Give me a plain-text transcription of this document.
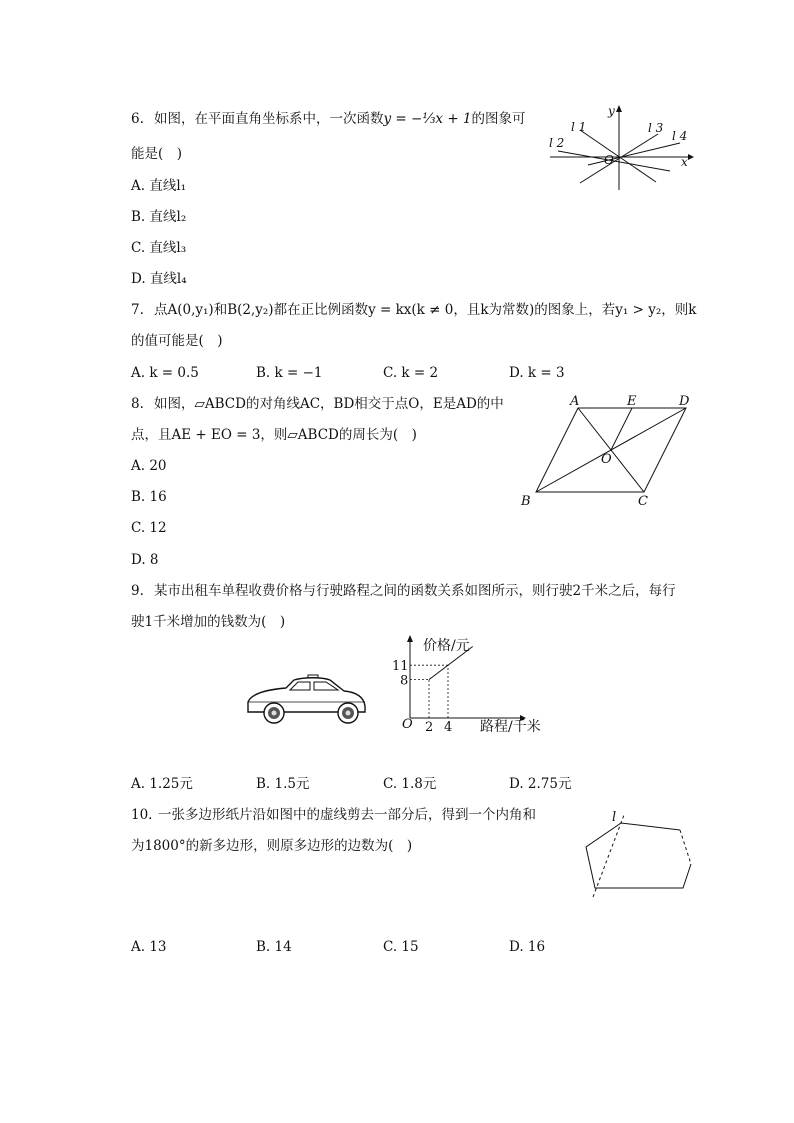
6. 如图，在平面直角坐标系中，一次函数y = −⅓x + 1的图象可
能是(　)
A. 直线l₁
B. 直线l₂
C. 直线l₃
D. 直线l₄
y
x
O
l 1
l 2
l 3
l 4
7. 点A(0,y₁)和B(2,y₂)都在正比例函数y = kx(k ≠ 0，且k为常数)的图象上，若y₁ > y₂，则k
的值可能是(　)
A. k = 0.5	B. k = −1	C. k = 2	D. k = 3
8. 如图，▱ABCD的对角线AC，BD相交于点O，E是AD的中
点，且AE + EO = 3，则▱ABCD的周长为(　)
A. 20
B. 16
C. 12
D. 8
A	E	D
O
B	C
9. 某市出租车单程收费价格与行驶路程之间的函数关系如图所示，则行驶2千米之后，每行
驶1千米增加的钱数为(　)
价格/元
路程/千米
O 2 4
8
11
A. 1.25元	B. 1.5元	C. 1.8元	D. 2.75元
10. 一张多边形纸片沿如图中的虚线剪去一部分后，得到一个内角和
为1800°的新多边形，则原多边形的边数为(　)
l
A. 13	B. 14	C. 15	D. 16
